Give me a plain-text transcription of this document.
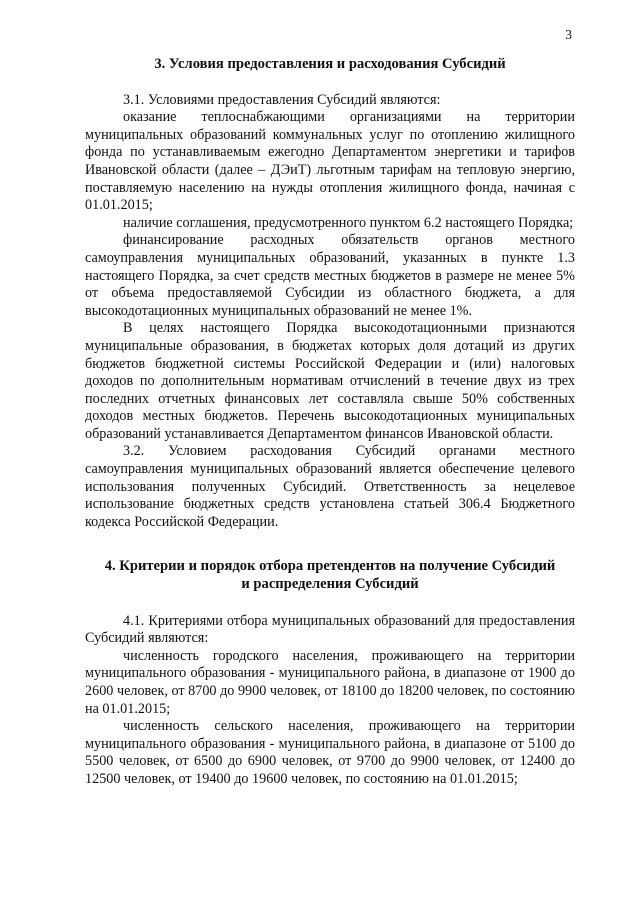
3
3. Условия предоставления и расходования Субсидий

3.1. Условиями предоставления Субсидий являются:

оказание теплоснабжающими организациями на территории муниципальных образований коммунальных услуг по отоплению жилищного фонда по устанавливаемым ежегодно Департаментом энергетики и тарифов Ивановской области (далее – ДЭиТ) льготным тарифам на тепловую энергию, поставляемую населению на нужды отопления жилищного фонда, начиная с 01.01.2015;

наличие соглашения, предусмотренного пунктом 6.2 настоящего Порядка;

финансирование расходных обязательств органов местного самоуправления муниципальных образований, указанных в пункте 1.3 настоящего Порядка, за счет средств местных бюджетов в размере не менее 5% от объема предоставляемой Субсидии из областного бюджета, а для высокодотационных муниципальных образований не менее 1%.

В целях настоящего Порядка высокодотационными признаются муниципальные образования, в бюджетах которых доля дотаций из других бюджетов бюджетной системы Российской Федерации и (или) налоговых доходов по дополнительным нормативам отчислений в течение двух из трех последних отчетных финансовых лет составляла свыше 50% собственных доходов местных бюджетов. Перечень высокодотационных муниципальных образований устанавливается Департаментом финансов Ивановской области.

3.2. Условием расходования Субсидий органами местного самоуправления муниципальных образований является обеспечение целевого использования полученных Субсидий. Ответственность за нецелевое использование бюджетных средств установлена статьей 306.4 Бюджетного кодекса Российской Федерации.

4. Критерии и порядок отбора претендентов на получение Субсидий
и распределения Субсидий

4.1. Критериями отбора муниципальных образований для предоставления Субсидий являются:

численность городского населения, проживающего на территории муниципального образования - муниципального района, в диапазоне от 1900 до 2600 человек, от 8700 до 9900 человек, от 18100 до 18200 человек, по состоянию на 01.01.2015;

численность сельского населения, проживающего на территории муниципального образования - муниципального района, в диапазоне от 5100 до 5500 человек, от 6500 до 6900 человек, от 9700 до 9900 человек, от 12400 до 12500 человек, от 19400 до 19600 человек, по состоянию на 01.01.2015;
